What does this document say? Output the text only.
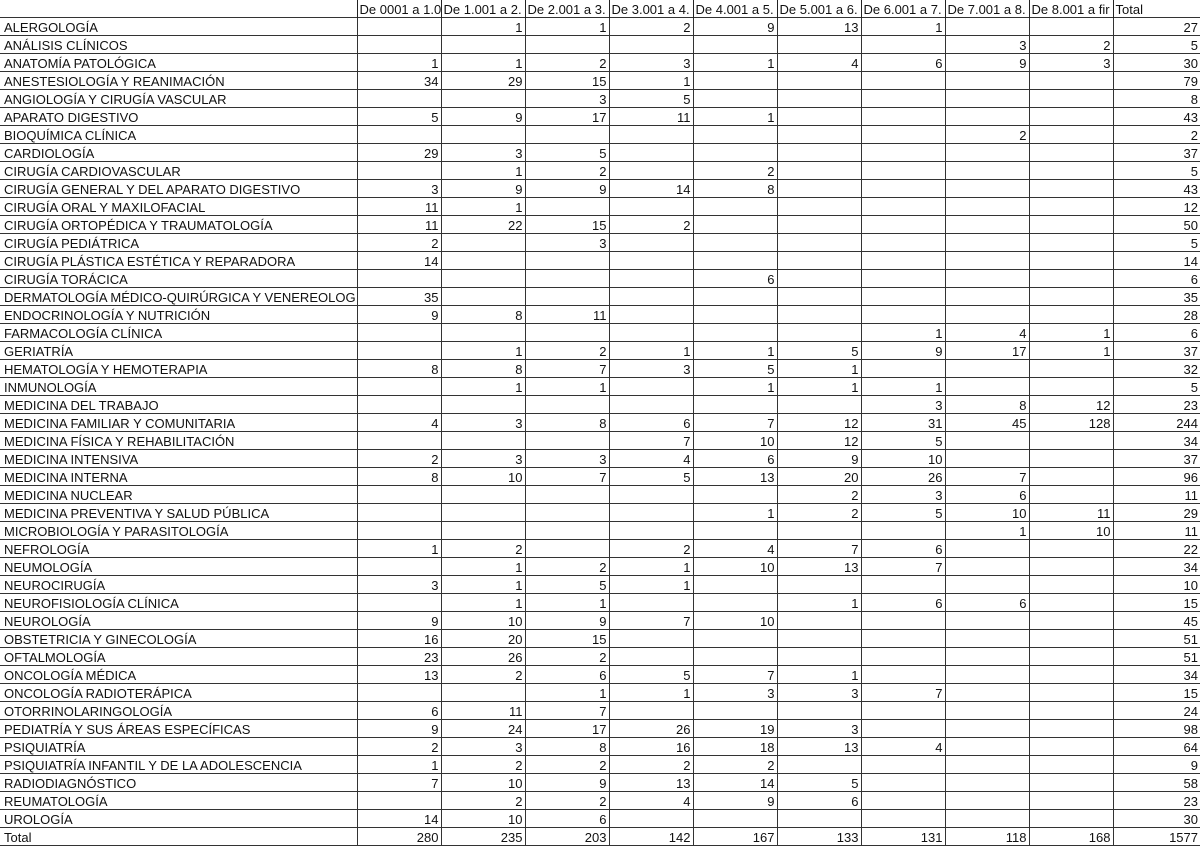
	De 0001 a 1.0	De 1.001 a 2.	De 2.001 a 3.	De 3.001 a 4.	De 4.001 a 5.	De 5.001 a 6.	De 6.001 a 7.	De 7.001 a 8.	De 8.001 a fir	Total
ALERGOLOGÍA		1	1	2	9	13	1			27
ANÁLISIS CLÍNICOS								3	2	5
ANATOMÍA PATOLÓGICA	1	1	2	3	1	4	6	9	3	30
ANESTESIOLOGÍA Y REANIMACIÓN	34	29	15	1						79
ANGIOLOGÍA Y CIRUGÍA VASCULAR			3	5						8
APARATO DIGESTIVO	5	9	17	11	1					43
BIOQUÍMICA CLÍNICA								2		2
CARDIOLOGÍA	29	3	5							37
CIRUGÍA CARDIOVASCULAR		1	2		2					5
CIRUGÍA GENERAL Y DEL APARATO DIGESTIVO	3	9	9	14	8					43
CIRUGÍA ORAL Y MAXILOFACIAL	11	1								12
CIRUGÍA ORTOPÉDICA Y TRAUMATOLOGÍA	11	22	15	2						50
CIRUGÍA PEDIÁTRICA	2		3							5
CIRUGÍA PLÁSTICA ESTÉTICA Y REPARADORA	14									14
CIRUGÍA TORÁCICA					6					6
DERMATOLOGÍA MÉDICO-QUIRÚRGICA Y VENEREOLOG	35									35
ENDOCRINOLOGÍA Y NUTRICIÓN	9	8	11							28
FARMACOLOGÍA CLÍNICA							1	4	1	6
GERIATRÍA		1	2	1	1	5	9	17	1	37
HEMATOLOGÍA Y HEMOTERAPIA	8	8	7	3	5	1				32
INMUNOLOGÍA		1	1		1	1	1			5
MEDICINA DEL TRABAJO							3	8	12	23
MEDICINA FAMILIAR Y COMUNITARIA	4	3	8	6	7	12	31	45	128	244
MEDICINA FÍSICA Y REHABILITACIÓN				7	10	12	5			34
MEDICINA INTENSIVA	2	3	3	4	6	9	10			37
MEDICINA INTERNA	8	10	7	5	13	20	26	7		96
MEDICINA NUCLEAR						2	3	6		11
MEDICINA PREVENTIVA Y SALUD PÚBLICA					1	2	5	10	11	29
MICROBIOLOGÍA Y PARASITOLOGÍA								1	10	11
NEFROLOGÍA	1	2		2	4	7	6			22
NEUMOLOGÍA		1	2	1	10	13	7			34
NEUROCIRUGÍA	3	1	5	1						10
NEUROFISIOLOGÍA CLÍNICA		1	1			1	6	6		15
NEUROLOGÍA	9	10	9	7	10					45
OBSTETRICIA Y GINECOLOGÍA	16	20	15							51
OFTALMOLOGÍA	23	26	2							51
ONCOLOGÍA MÉDICA	13	2	6	5	7	1				34
ONCOLOGÍA RADIOTERÁPICA			1	1	3	3	7			15
OTORRINOLARINGOLOGÍA	6	11	7							24
PEDIATRÍA Y SUS ÁREAS ESPECÍFICAS	9	24	17	26	19	3				98
PSIQUIATRÍA	2	3	8	16	18	13	4			64
PSIQUIATRÍA INFANTIL Y DE LA ADOLESCENCIA	1	2	2	2	2					9
RADIODIAGNÓSTICO	7	10	9	13	14	5				58
REUMATOLOGÍA		2	2	4	9	6				23
UROLOGÍA	14	10	6							30
Total	280	235	203	142	167	133	131	118	168	1577
